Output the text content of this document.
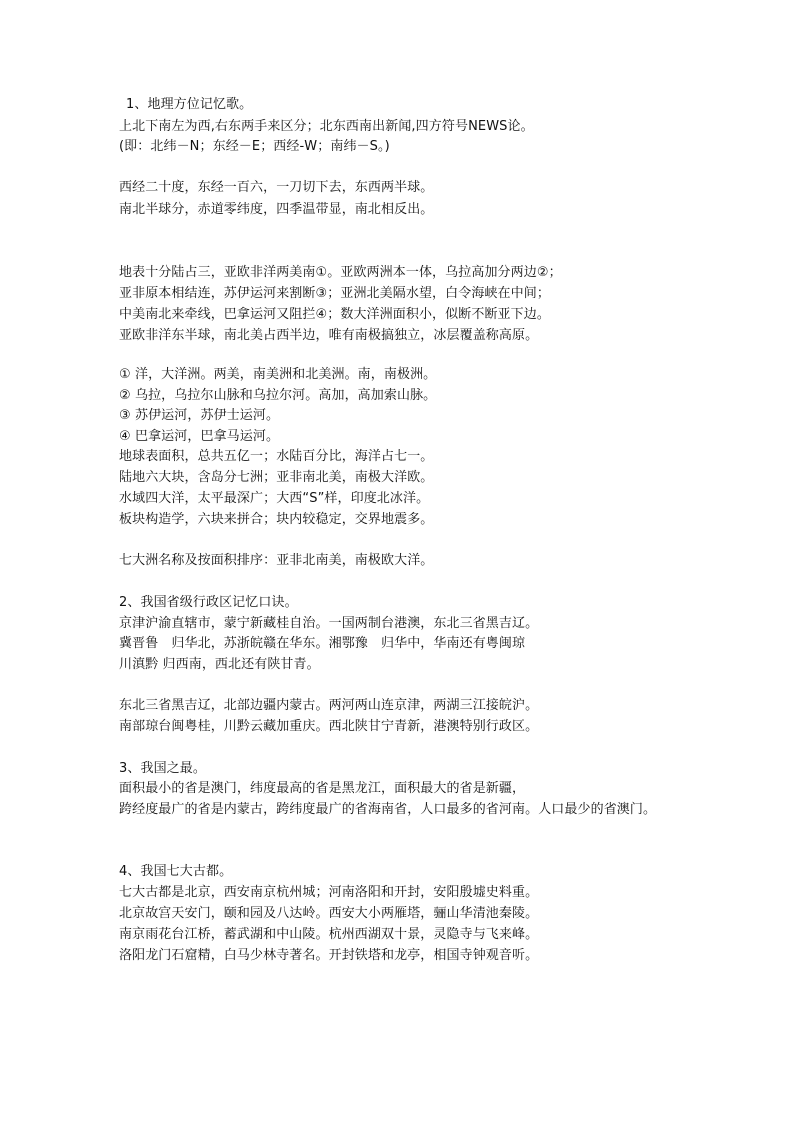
1、地理方位记忆歌。
上北下南左为西,右东两手来区分；北东西南出新闻,四方符号NEWS论。
(即：北纬－N；东经－E；西经-W；南纬－S。)
西经二十度，东经一百六，一刀切下去，东西两半球。
南北半球分，赤道零纬度，四季温带显，南北相反出。
地表十分陆占三，亚欧非洋两美南①。亚欧两洲本一体，乌拉高加分两边②；
亚非原本相结连，苏伊运河来割断③；亚洲北美隔水望，白令海峡在中间；
中美南北来牵线，巴拿运河又阻拦④；数大洋洲面积小，似断不断亚下边。
亚欧非洋东半球，南北美占西半边，唯有南极搞独立，冰层覆盖称高原。
① 洋，大洋洲。两美，南美洲和北美洲。南，南极洲。
② 乌拉，乌拉尔山脉和乌拉尔河。高加，高加索山脉。
③ 苏伊运河，苏伊士运河。
④ 巴拿运河，巴拿马运河。
地球表面积，总共五亿一；水陆百分比，海洋占七一。
陆地六大块，含岛分七洲；亚非南北美，南极大洋欧。
水域四大洋，太平最深广；大西“S”样，印度北冰洋。
板块构造学，六块来拼合；块内较稳定，交界地震多。
七大洲名称及按面积排序：亚非北南美，南极欧大洋。
2、我国省级行政区记忆口诀。
京津沪渝直辖市，蒙宁新藏桂自治。一国两制台港澳，东北三省黑吉辽。
冀晋鲁　归华北，苏浙皖赣在华东。湘鄂豫　归华中，华南还有粤闽琼
川滇黔 归西南，西北还有陕甘青。
东北三省黑吉辽，北部边疆内蒙古。两河两山连京津，两湖三江接皖沪。
南部琼台闽粤桂，川黔云藏加重庆。西北陕甘宁青新，港澳特别行政区。
3、我国之最。
面积最小的省是澳门，纬度最高的省是黑龙江，面积最大的省是新疆，
跨经度最广的省是内蒙古，跨纬度最广的省海南省，人口最多的省河南。人口最少的省澳门。
4、我国七大古都。
七大古都是北京，西安南京杭州城；河南洛阳和开封，安阳殷墟史料重。
北京故宫天安门，颐和园及八达岭。西安大小两雁塔，骊山华清池秦陵。
南京雨花台江桥，蓄武湖和中山陵。杭州西湖双十景，灵隐寺与飞来峰。
洛阳龙门石窟精，白马少林寺著名。开封铁塔和龙亭，相国寺钟观音听。
